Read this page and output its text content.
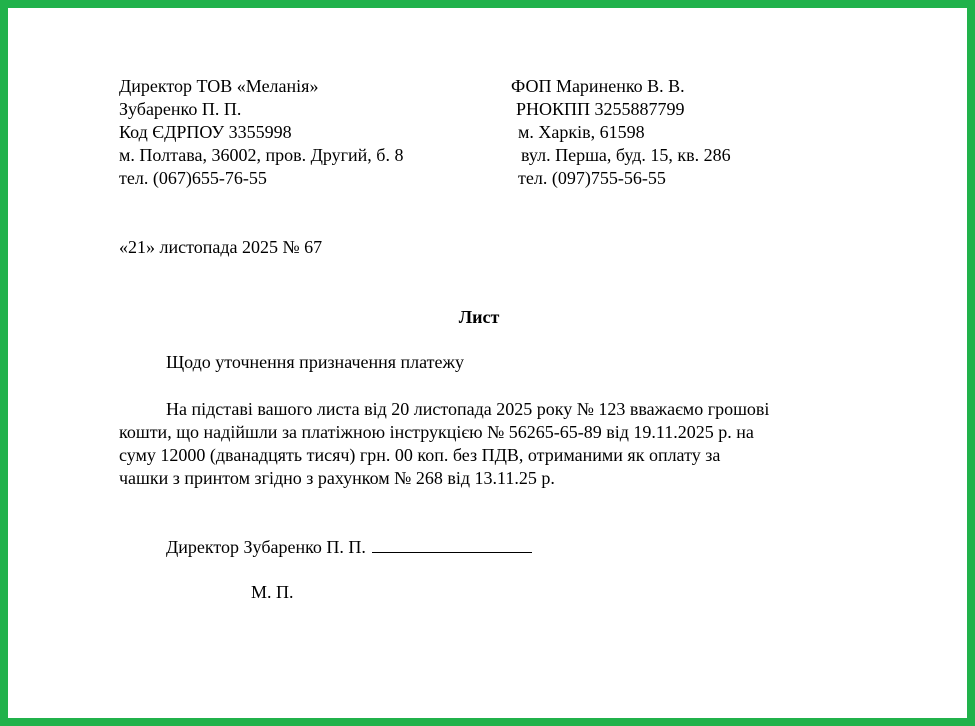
Директор ТОВ «Меланія»
Зубаренко П. П.
Код ЄДРПОУ 3355998
м. Полтава, 36002, пров. Другий, б. 8
тел. (067)655-76-55
ФОП Мариненко В. В.
РНОКПП 3255887799
м. Харків, 61598
вул. Перша, буд. 15, кв. 286
тел. (097)755-56-55
«21» листопада 2025 № 67
Лист
Щодо уточнення призначення платежу
На підставі вашого листа від 20 листопада 2025 року № 123 вважаємо грошові
кошти, що надійшли за платіжною інструкцією № 56265-65-89 від 19.11.2025 р. на
суму 12000 (дванадцять тисяч) грн. 00 коп. без ПДВ, отриманими як оплату за
чашки з принтом згідно з рахунком № 268 від 13.11.25 р.
Директор Зубаренко П. П.
М. П.
